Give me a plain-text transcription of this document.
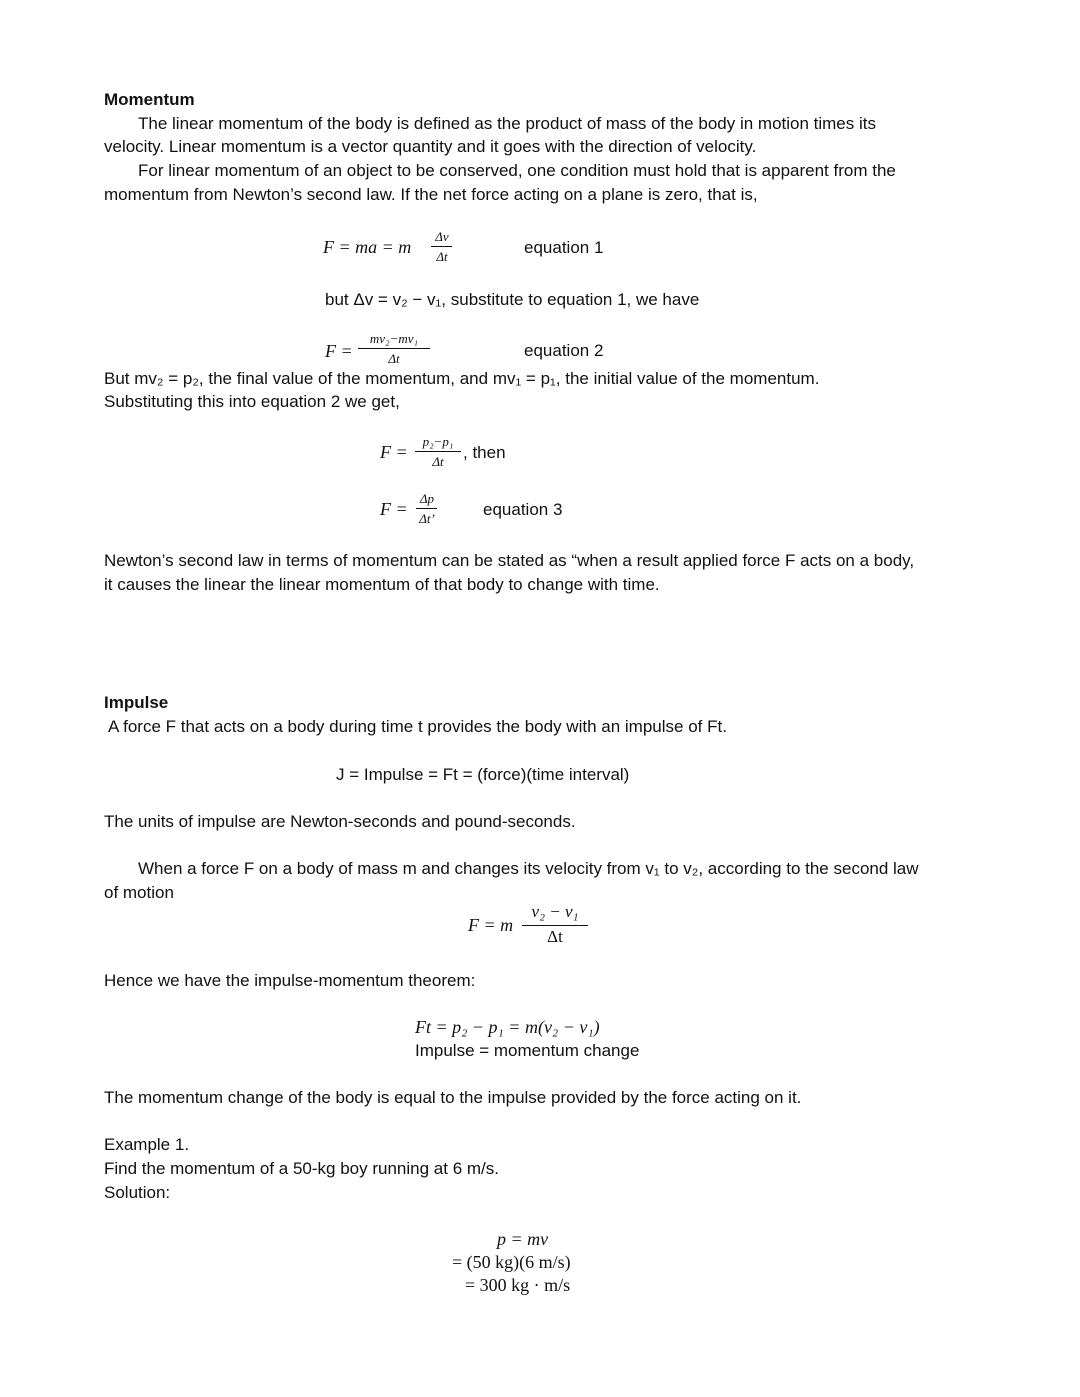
Momentum
The linear momentum of the body is defined as the product of mass of the body in motion times its
velocity. Linear momentum is a vector quantity and it goes with the direction of velocity.
For linear momentum of an object to be conserved, one condition must hold that is apparent from the
momentum from Newton’s second law. If the net force acting on a plane is zero, that is,
F = ma = m
Δv
Δt	equation 1
but Δv = v₂ − v₁, substitute to equation 1, we have
F =
mv₂−mv₁
Δt	equation 2
But mv₂ = p₂, the final value of the momentum, and mv₁ = p₁, the initial value of the momentum.
Substituting this into equation 2 we get,
F =
p₂−p₁
Δt	, then
F =
Δp
Δt’	equation 3
Newton’s second law in terms of momentum can be stated as “when a result applied force F acts on a body,
it causes the linear the linear momentum of that body to change with time.
Impulse
A force F that acts on a body during time t provides the body with an impulse of Ft.
J = Impulse = Ft = (force)(time interval)
The units of impulse are Newton-seconds and pound-seconds.
When a force F on a body of mass m and changes its velocity from v₁ to v₂, according to the second law
of motion
F = m
v₂ − v₁
Δt
Hence we have the impulse-momentum theorem:
Ft = p₂ − p₁ = m(v₂ − v₁)
Impulse = momentum change
The momentum change of the body is equal to the impulse provided by the force acting on it.
Example 1.
Find the momentum of a 50-kg boy running at 6 m/s.
Solution:
p = mv
= (50 kg)(6 m/s)
= 300 kg · m/s
